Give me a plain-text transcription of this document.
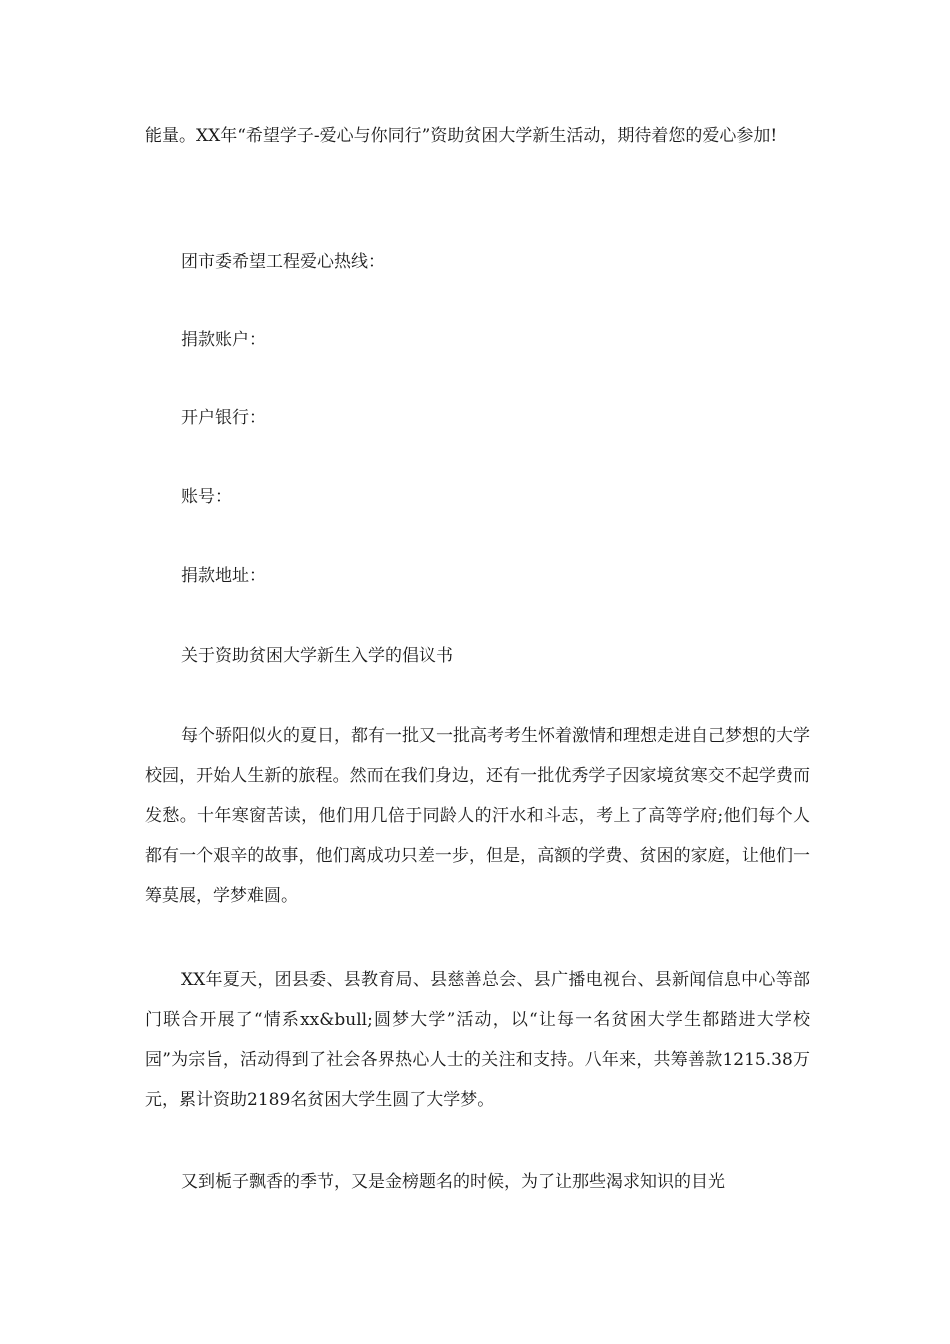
能量。XX年“希望学子-爱心与你同行”资助贫困大学新生活动，期待着您的爱心参加!

团市委希望工程爱心热线：

捐款账户：

开户银行：

账号：

捐款地址：

关于资助贫困大学新生入学的倡议书

每个骄阳似火的夏日，都有一批又一批高考考生怀着激情和理想走进自己梦想的大学校园，开始人生新的旅程。然而在我们身边，还有一批优秀学子因家境贫寒交不起学费而发愁。十年寒窗苦读，他们用几倍于同龄人的汗水和斗志，考上了高等学府;他们每个人都有一个艰辛的故事，他们离成功只差一步，但是，高额的学费、贫困的家庭，让他们一筹莫展，学梦难圆。

XX年夏天，团县委、县教育局、县慈善总会、县广播电视台、县新闻信息中心等部门联合开展了“情系xx&bull;圆梦大学”活动，以“让每一名贫困大学生都踏进大学校园”为宗旨，活动得到了社会各界热心人士的关注和支持。八年来，共筹善款1215.38万元，累计资助2189名贫困大学生圆了大学梦。

又到栀子飘香的季节，又是金榜题名的时候，为了让那些渴求知识的目光
